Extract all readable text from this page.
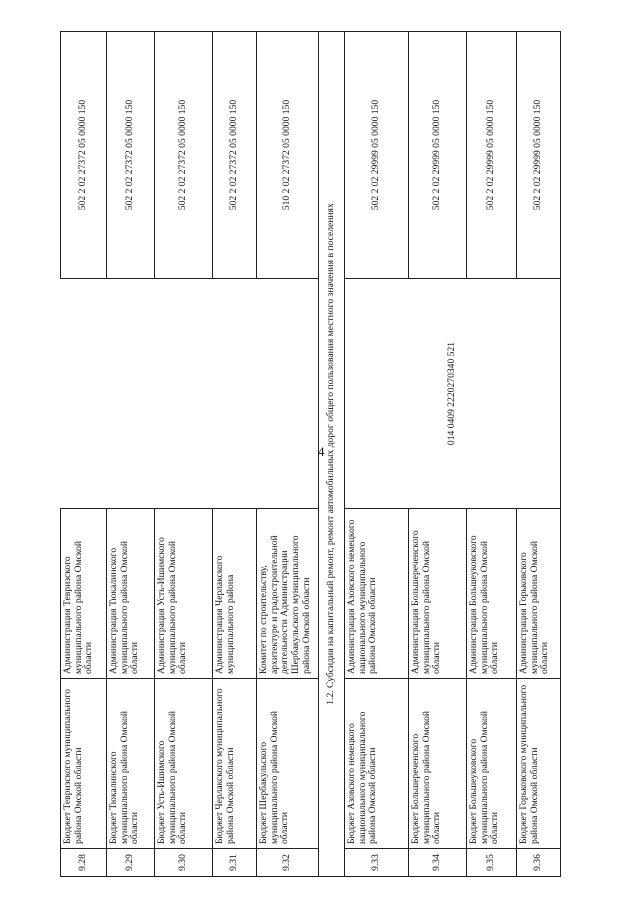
4
9.28	Бюджет Тевризского муниципального района Омской области	Администрация Тевризского муниципального района Омской области		502 2 02 27372 05 0000 150
9.29	Бюджет Тюкалинского муниципального района Омской области	Администрация Тюкалинского муниципального района Омской области		502 2 02 27372 05 0000 150
9.30	Бюджет Усть-Ишимского муниципального района Омской области	Администрация Усть-Ишимского муниципального района Омской области		502 2 02 27372 05 0000 150
9.31	Бюджет Черлакского муниципального района Омской области	Администрация Черлакского муниципального района		502 2 02 27372 05 0000 150
9.32	Бюджет Шербакульского муниципального района Омской области	Комитет по строительству, архитектуре и градостроительной деятельности Администрации Шербакульского муниципального района Омской области		510 2 02 27372 05 0000 150
1.2. Субсидия на капитальный ремонт, ремонт автомобильных дорог общего пользования местного значения в поселениях				
9.33	Бюджет Азовского немецкого национального муниципального района Омской области	Администрация Азовского немецкого национального муниципального района Омской области	014 0409 2220270340 521	502 2 02 29999 05 0000 150
9.34	Бюджет Большереченского муниципального района Омской области	Администрация Большереченского муниципального района Омской области		502 2 02 29999 05 0000 150
9.35	Бюджет Большеуковского муниципального района Омской области	Администрация Большеуковского муниципального района Омской области		502 2 02 29999 05 0000 150
9.36	Бюджет Горьковского муниципального района Омской области	Администрация Горьковского муниципального района Омской области		502 2 02 29999 05 0000 150
